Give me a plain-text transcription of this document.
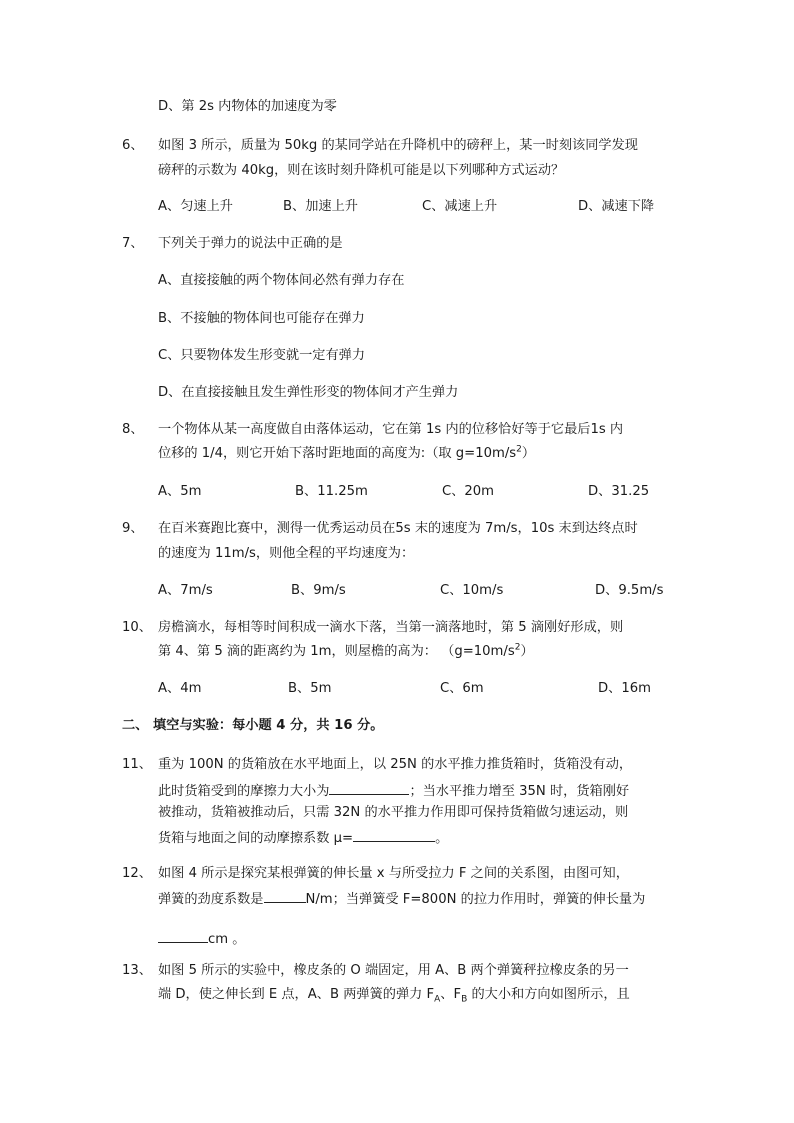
D、第 2s 内物体的加速度为零
6、 如图 3 所示，质量为 50kg 的某同学站在升降机中的磅秤上，某一时刻该同学发现
磅秤的示数为 40kg，则在该时刻升降机可能是以下列哪种方式运动？
A、匀速上升	B、加速上升	C、减速上升	D、减速下降
7、 下列关于弹力的说法中正确的是
A、直接接触的两个物体间必然有弹力存在
B、不接触的物体间也可能存在弹力
C、只要物体发生形变就一定有弹力
D、在直接接触且发生弹性形变的物体间才产生弹力
8、 一个物体从某一高度做自由落体运动，它在第 1s 内的位移恰好等于它最后1s 内
位移的 1/4，则它开始下落时距地面的高度为:（取 $g=10m/s^2$）
A、5m	B、11.25m	C、20m	D、31.25
9、 在百米赛跑比赛中，测得一优秀运动员在5s 末的速度为 7m/s，10s 末到达终点时
的速度为 11m/s，则他全程的平均速度为：
A、7m/s	B、9m/s	C、10m/s	D、9.5m/s
10、 房檐滴水，每相等时间积成一滴水下落，当第一滴落地时，第 5 滴刚好形成，则
第 4、第 5 滴的距离约为 1m，则屋檐的高为： $(g=10m/s^2)$
A、4m	B、5m	C、6m	D、16m
二、 填空与实验：每小题 4 分，共 16 分。
11、 重为 100N 的货箱放在水平地面上，以 25N 的水平推力推货箱时，货箱没有动，
此时货箱受到的摩擦力大小为	；当水平推力增至 35N 时，货箱刚好
被推动，货箱被推动后，只需 32N 的水平推力作用即可保持货箱做匀速运动，则
货箱与地面之间的动摩擦系数 μ=	。
12、 如图 4 所示是探究某根弹簧的伸长量 x 与所受拉力 F 之间的关系图，由图可知，
弹簧的劲度系数是	N/m；当弹簧受 F=800N 的拉力作用时，弹簧的伸长量为
cm 。
13、 如图 5 所示的实验中，橡皮条的 O 端固定，用 A、B 两个弹簧秤拉橡皮条的另一
端 D，使之伸长到 E 点，A、B 两弹簧的弹力 $F_A$、$F_B$ 的大小和方向如图所示，且
